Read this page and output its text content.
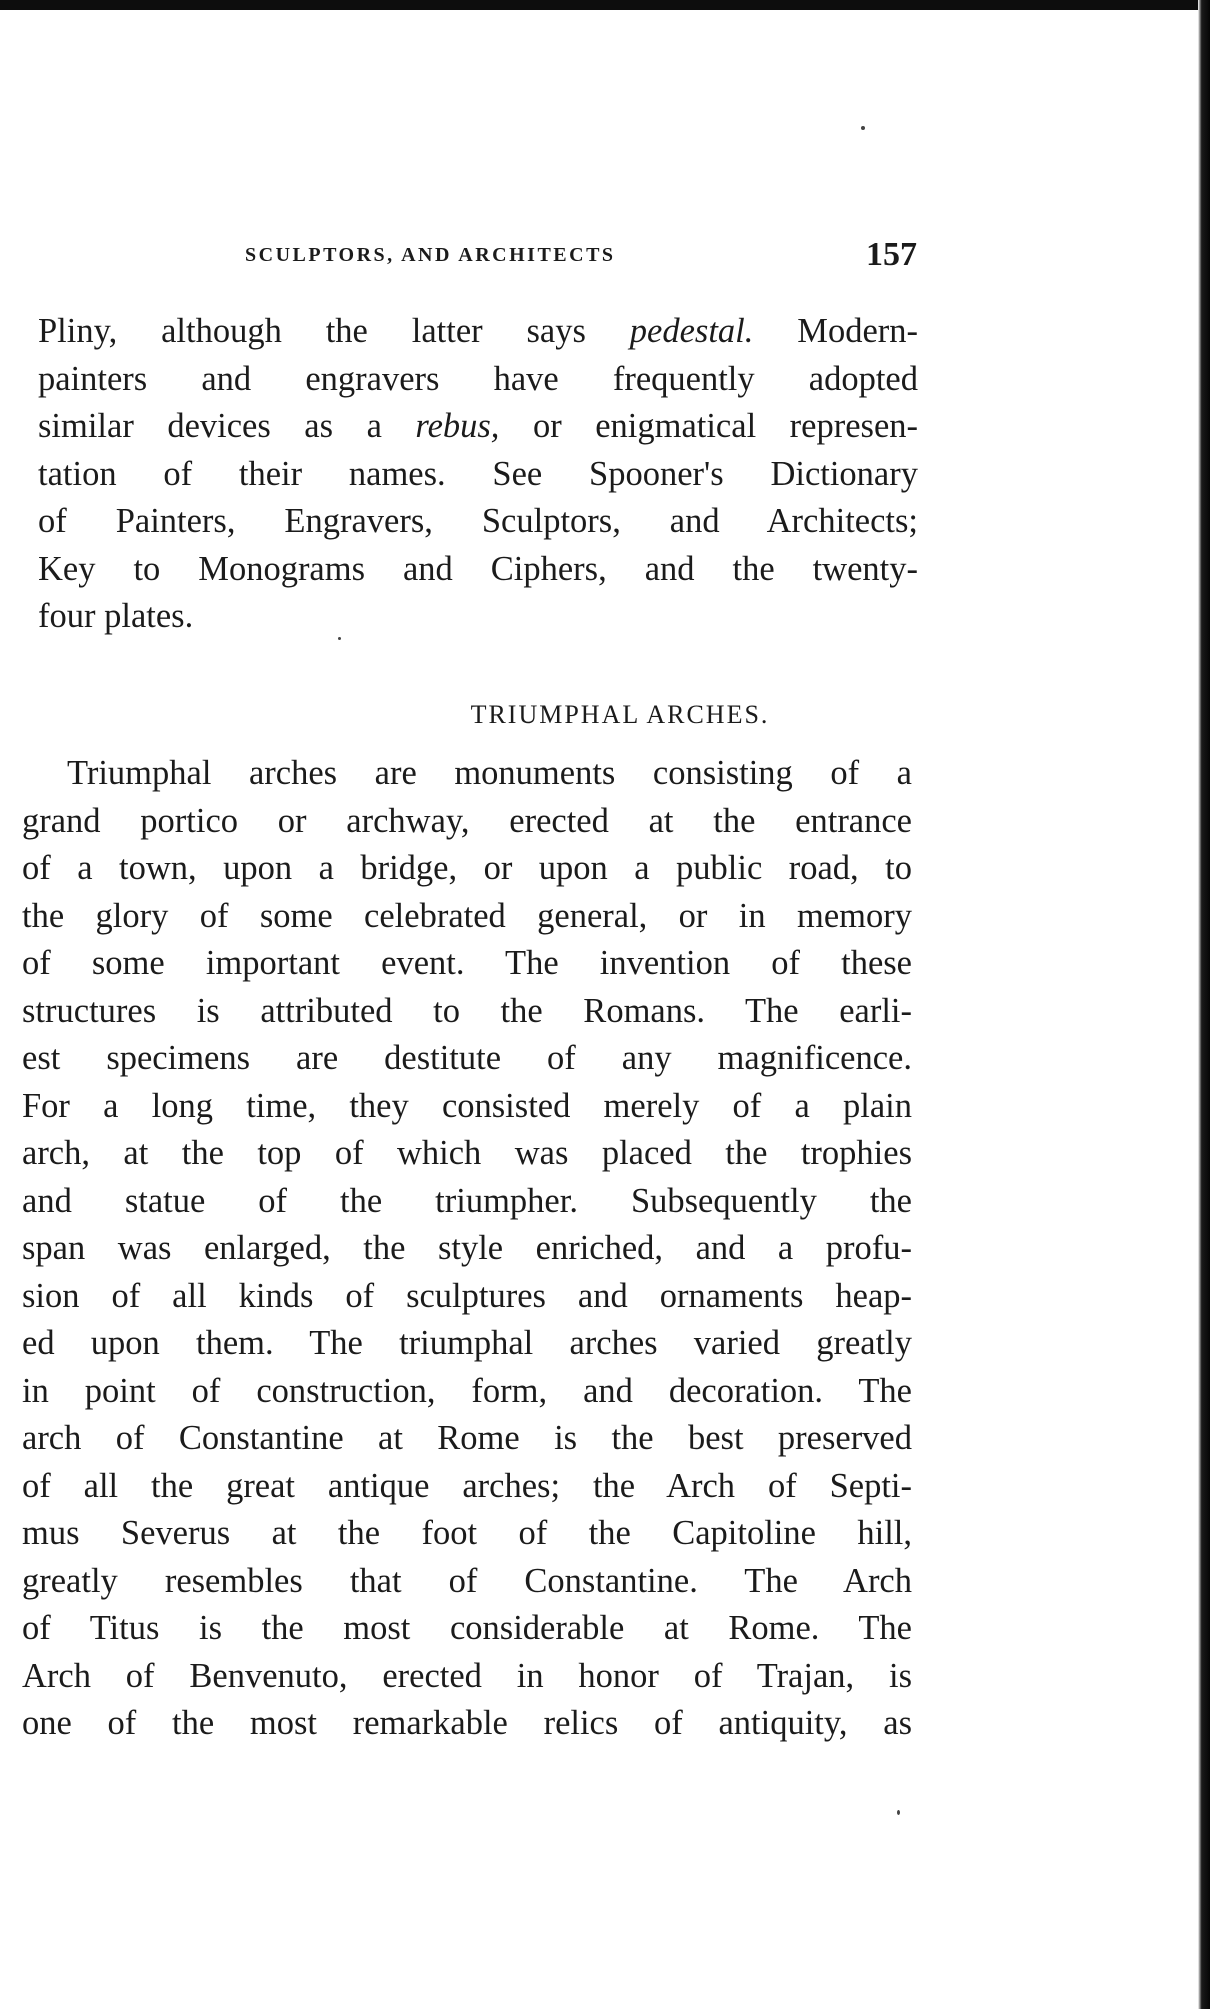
SCULPTORS, AND ARCHITECTS	157
Pliny, although the latter says pedestal. Modern-
painters and engravers have frequently adopted
similar devices as a rebus, or enigmatical represen-
tation of their names. See Spooner's Dictionary
of Painters, Engravers, Sculptors, and Architects;
Key to Monograms and Ciphers, and the twenty-
four plates.
TRIUMPHAL ARCHES.
Triumphal arches are monuments consisting of a
grand portico or archway, erected at the entrance
of a town, upon a bridge, or upon a public road, to
the glory of some celebrated general, or in memory
of some important event. The invention of these
structures is attributed to the Romans. The earli-
est specimens are destitute of any magnificence.
For a long time, they consisted merely of a plain
arch, at the top of which was placed the trophies
and statue of the triumpher. Subsequently the
span was enlarged, the style enriched, and a profu-
sion of all kinds of sculptures and ornaments heap-
ed upon them. The triumphal arches varied greatly
in point of construction, form, and decoration. The
arch of Constantine at Rome is the best preserved
of all the great antique arches; the Arch of Septi-
mus Severus at the foot of the Capitoline hill,
greatly resembles that of Constantine. The Arch
of Titus is the most considerable at Rome. The
Arch of Benvenuto, erected in honor of Trajan, is
one of the most remarkable relics of antiquity, as
